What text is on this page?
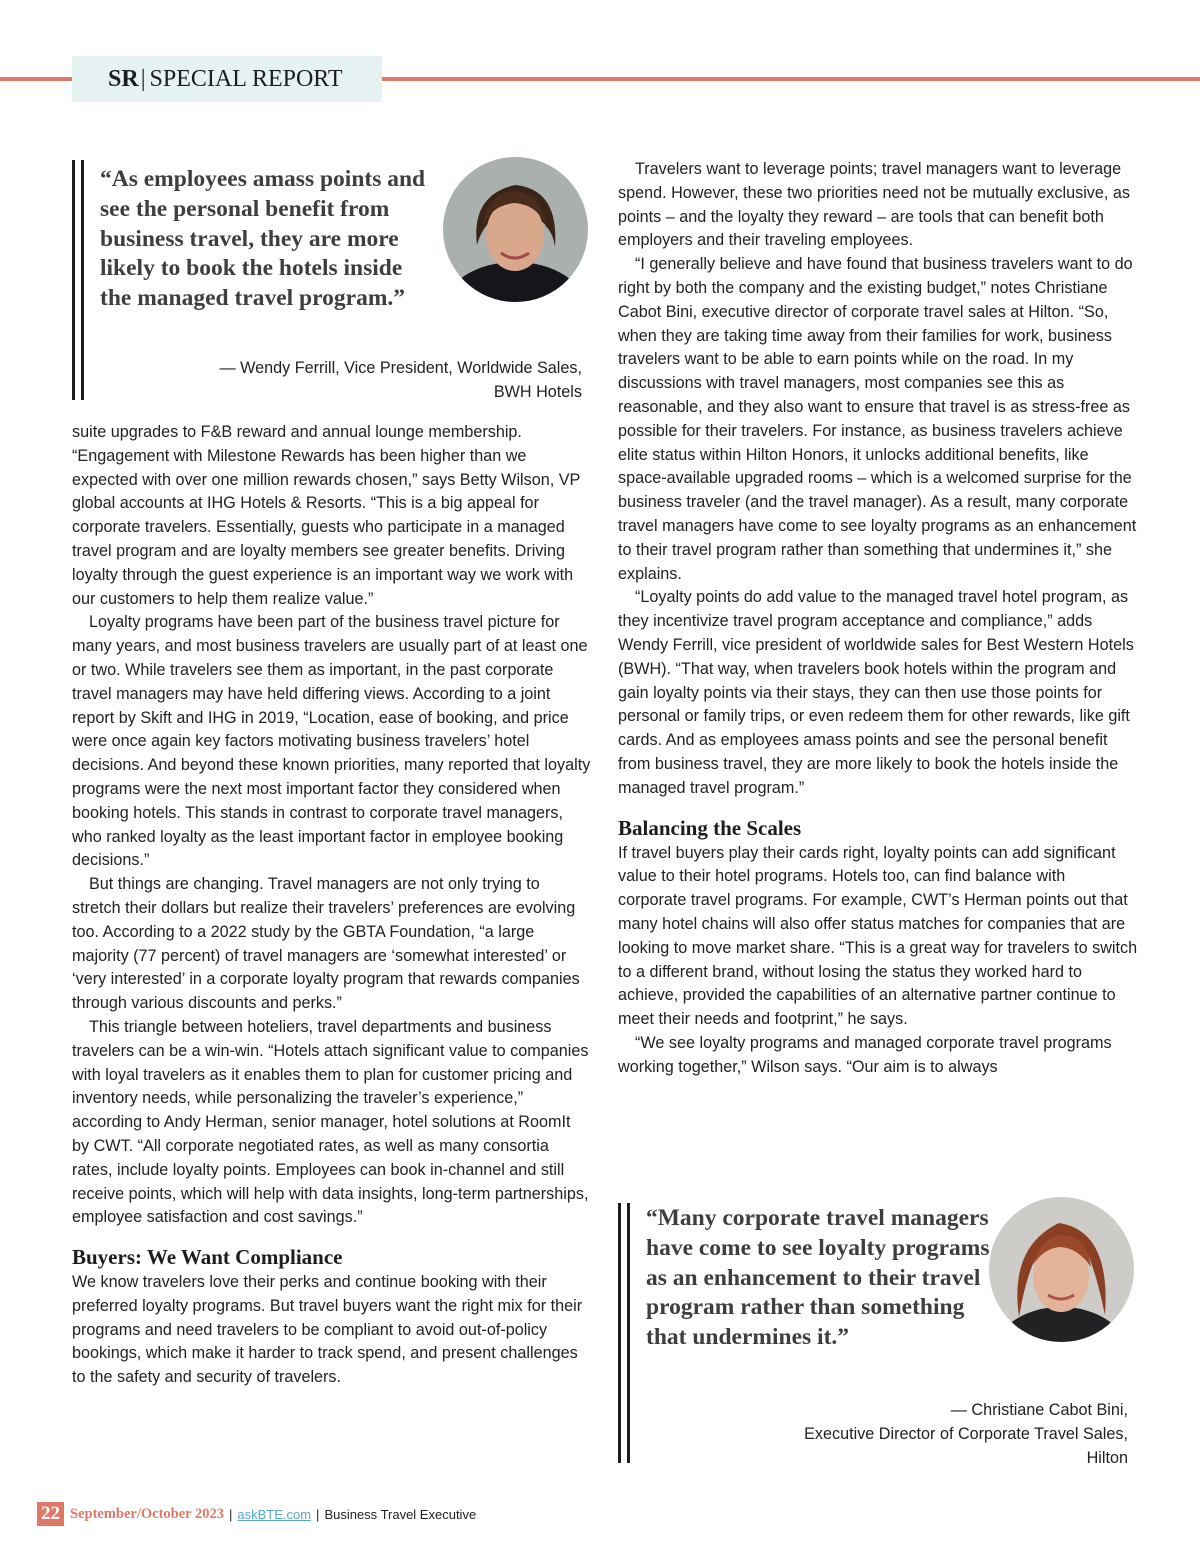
SR | SPECIAL REPORT

“As employees amass points and see the personal benefit from business travel, they are more likely to book the hotels inside the managed travel program.”

— Wendy Ferrill, Vice President, Worldwide Sales,
BWH Hotels

suite upgrades to F&B reward and annual lounge membership. “Engagement with Milestone Rewards has been higher than we expected with over one million rewards chosen,” says Betty Wilson, VP global accounts at IHG Hotels & Resorts. “This is a big appeal for corporate travelers. Essentially, guests who participate in a managed travel program and are loyalty members see greater benefits. Driving loyalty through the guest experience is an important way we work with our customers to help them realize value.”

Loyalty programs have been part of the business travel picture for many years, and most business travelers are usually part of at least one or two. While travelers see them as important, in the past corporate travel managers may have held differing views. According to a joint report by Skift and IHG in 2019, “Location, ease of booking, and price were once again key factors motivating business travelers’ hotel decisions. And beyond these known priorities, many reported that loyalty programs were the next most important factor they considered when booking hotels. This stands in contrast to corporate travel managers, who ranked loyalty as the least important factor in employee booking decisions.”

But things are changing. Travel managers are not only trying to stretch their dollars but realize their travelers’ preferences are evolving too. According to a 2022 study by the GBTA Foundation, “a large majority (77 percent) of travel managers are ‘somewhat interested’ or ‘very interested’ in a corporate loyalty program that rewards companies through various discounts and perks.”

This triangle between hoteliers, travel departments and business travelers can be a win-win. “Hotels attach significant value to companies with loyal travelers as it enables them to plan for customer pricing and inventory needs, while personalizing the traveler’s experience,” according to Andy Herman, senior manager, hotel solutions at RoomIt by CWT. “All corporate negotiated rates, as well as many consortia rates, include loyalty points. Employees can book in-channel and still receive points, which will help with data insights, long-term partnerships, employee satisfaction and cost savings.”

Buyers: We Want Compliance

We know travelers love their perks and continue booking with their preferred loyalty programs. But travel buyers want the right mix for their programs and need travelers to be compliant to avoid out-of-policy bookings, which make it harder to track spend, and present challenges to the safety and security of travelers.

Travelers want to leverage points; travel managers want to leverage spend. However, these two priorities need not be mutually exclusive, as points – and the loyalty they reward – are tools that can benefit both employers and their traveling employees.

“I generally believe and have found that business travelers want to do right by both the company and the existing budget,” notes Christiane Cabot Bini, executive director of corporate travel sales at Hilton. “So, when they are taking time away from their families for work, business travelers want to be able to earn points while on the road. In my discussions with travel managers, most companies see this as reasonable, and they also want to ensure that travel is as stress-free as possible for their travelers. For instance, as business travelers achieve elite status within Hilton Honors, it unlocks additional benefits, like space-available upgraded rooms – which is a welcomed surprise for the business traveler (and the travel manager). As a result, many corporate travel managers have come to see loyalty programs as an enhancement to their travel program rather than something that undermines it,” she explains.

“Loyalty points do add value to the managed travel hotel program, as they incentivize travel program acceptance and compliance,” adds Wendy Ferrill, vice president of worldwide sales for Best Western Hotels (BWH). “That way, when travelers book hotels within the program and gain loyalty points via their stays, they can then use those points for personal or family trips, or even redeem them for other rewards, like gift cards. And as employees amass points and see the personal benefit from business travel, they are more likely to book the hotels inside the managed travel program.”

Balancing the Scales

If travel buyers play their cards right, loyalty points can add significant value to their hotel programs. Hotels too, can find balance with corporate travel programs. For example, CWT’s Herman points out that many hotel chains will also offer status matches for companies that are looking to move market share. “This is a great way for travelers to switch to a different brand, without losing the status they worked hard to achieve, provided the capabilities of an alternative partner continue to meet their needs and footprint,” he says.

“We see loyalty programs and managed corporate travel programs working together,” Wilson says. “Our aim is to always

“Many corporate travel managers have come to see loyalty programs as an enhancement to their travel program rather than something that undermines it.”

— Christiane Cabot Bini,
Executive Director of Corporate Travel Sales,
Hilton
22 September/October 2023 | askBTE.com | Business Travel Executive
